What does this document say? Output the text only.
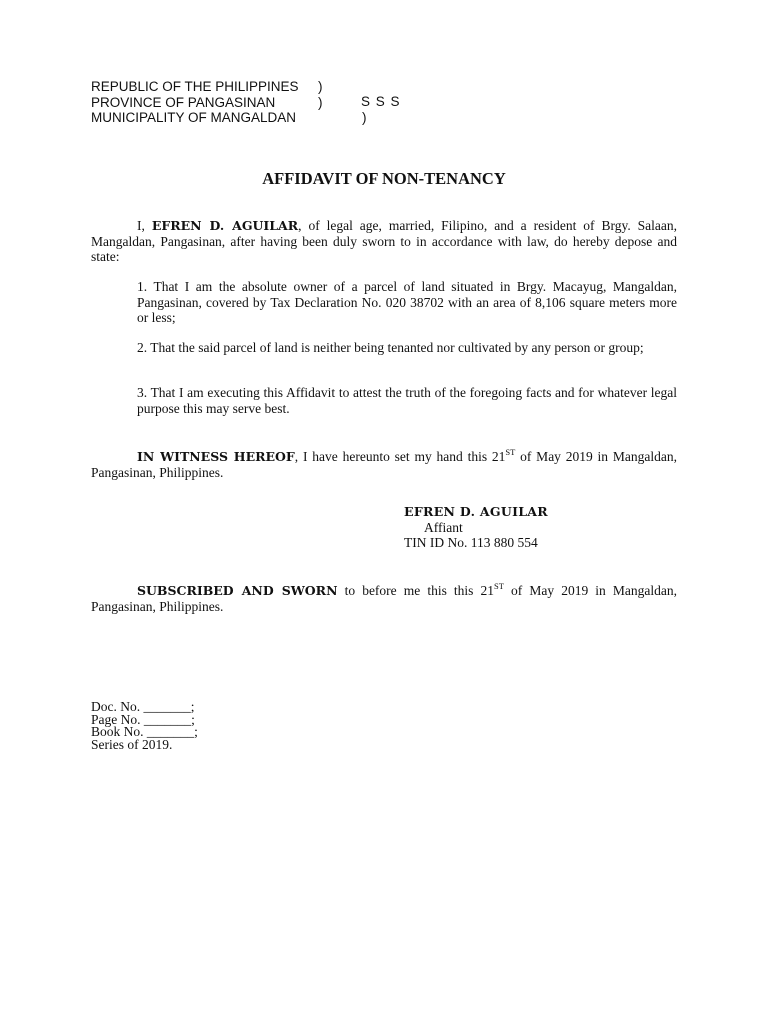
REPUBLIC OF THE PHILIPPINES )
PROVINCE OF PANGASINAN	)
MUNICIPALITY OF MANGALDAN	)
S S S
AFFIDAVIT OF NON-TENANCY
I, EFREN D. AGUILAR, of legal age, married, Filipino, and a resident of Brgy. Salaan, Mangaldan, Pangasinan, after having been duly sworn to in accordance with law, do hereby depose and state:
1. That I am the absolute owner of a parcel of land situated in Brgy. Macayug, Mangaldan, Pangasinan, covered by Tax Declaration No. 020 38702 with an area of 8,106 square meters more or less;
2. That the said parcel of land is neither being tenanted nor cultivated by any person or group;
3. That I am executing this Affidavit to attest the truth of the foregoing facts and for whatever legal purpose this may serve best.
IN WITNESS HEREOF, I have hereunto set my hand this 21ST of May 2019 in Mangaldan, Pangasinan, Philippines.
EFREN D. AGUILAR
Affiant
TIN ID No. 113 880 554
SUBSCRIBED AND SWORN to before me this this 21ST of May 2019 in Mangaldan, Pangasinan, Philippines.
Doc. No. _______;
Page No. _______;
Book No. _______;
Series of 2019.
